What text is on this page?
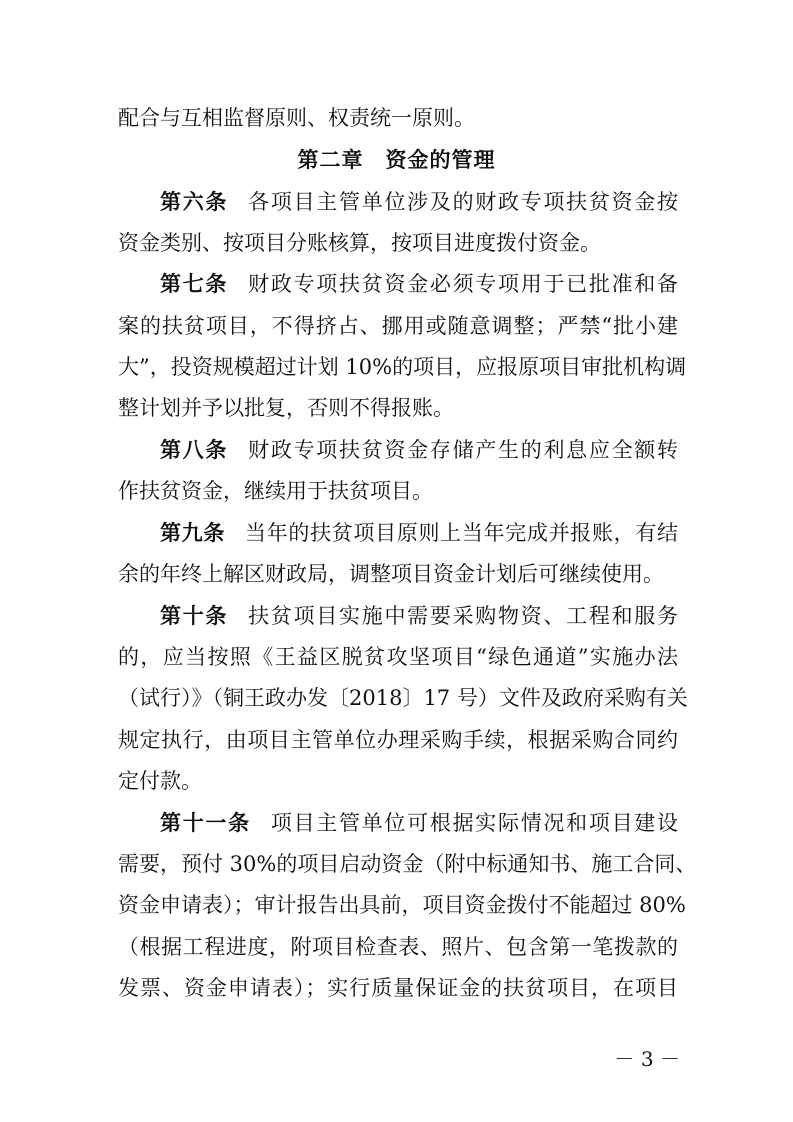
配合与互相监督原则、权责统一原则。
第二章　资金的管理
第六条 各项目主管单位涉及的财政专项扶贫资金按
资金类别、按项目分账核算，按项目进度拨付资金。
第七条 财政专项扶贫资金必须专项用于已批准和备
案的扶贫项目，不得挤占、挪用或随意调整；严禁“批小建
大”，投资规模超过计划 10%的项目，应报原项目审批机构调
整计划并予以批复，否则不得报账。
第八条 财政专项扶贫资金存储产生的利息应全额转
作扶贫资金，继续用于扶贫项目。
第九条 当年的扶贫项目原则上当年完成并报账，有结
余的年终上解区财政局，调整项目资金计划后可继续使用。
第十条 扶贫项目实施中需要采购物资、工程和服务
的，应当按照《王益区脱贫攻坚项目“绿色通道”实施办法
（试行）》（铜王政办发〔2018〕17 号）文件及政府采购有关
规定执行，由项目主管单位办理采购手续，根据采购合同约
定付款。
第十一条 项目主管单位可根据实际情况和项目建设
需要，预付 30%的项目启动资金（附中标通知书、施工合同、
资金申请表）；审计报告出具前，项目资金拨付不能超过 80%
（根据工程进度，附项目检查表、照片、包含第一笔拨款的
发票、资金申请表）；实行质量保证金的扶贫项目，在项目
－ 3 －
